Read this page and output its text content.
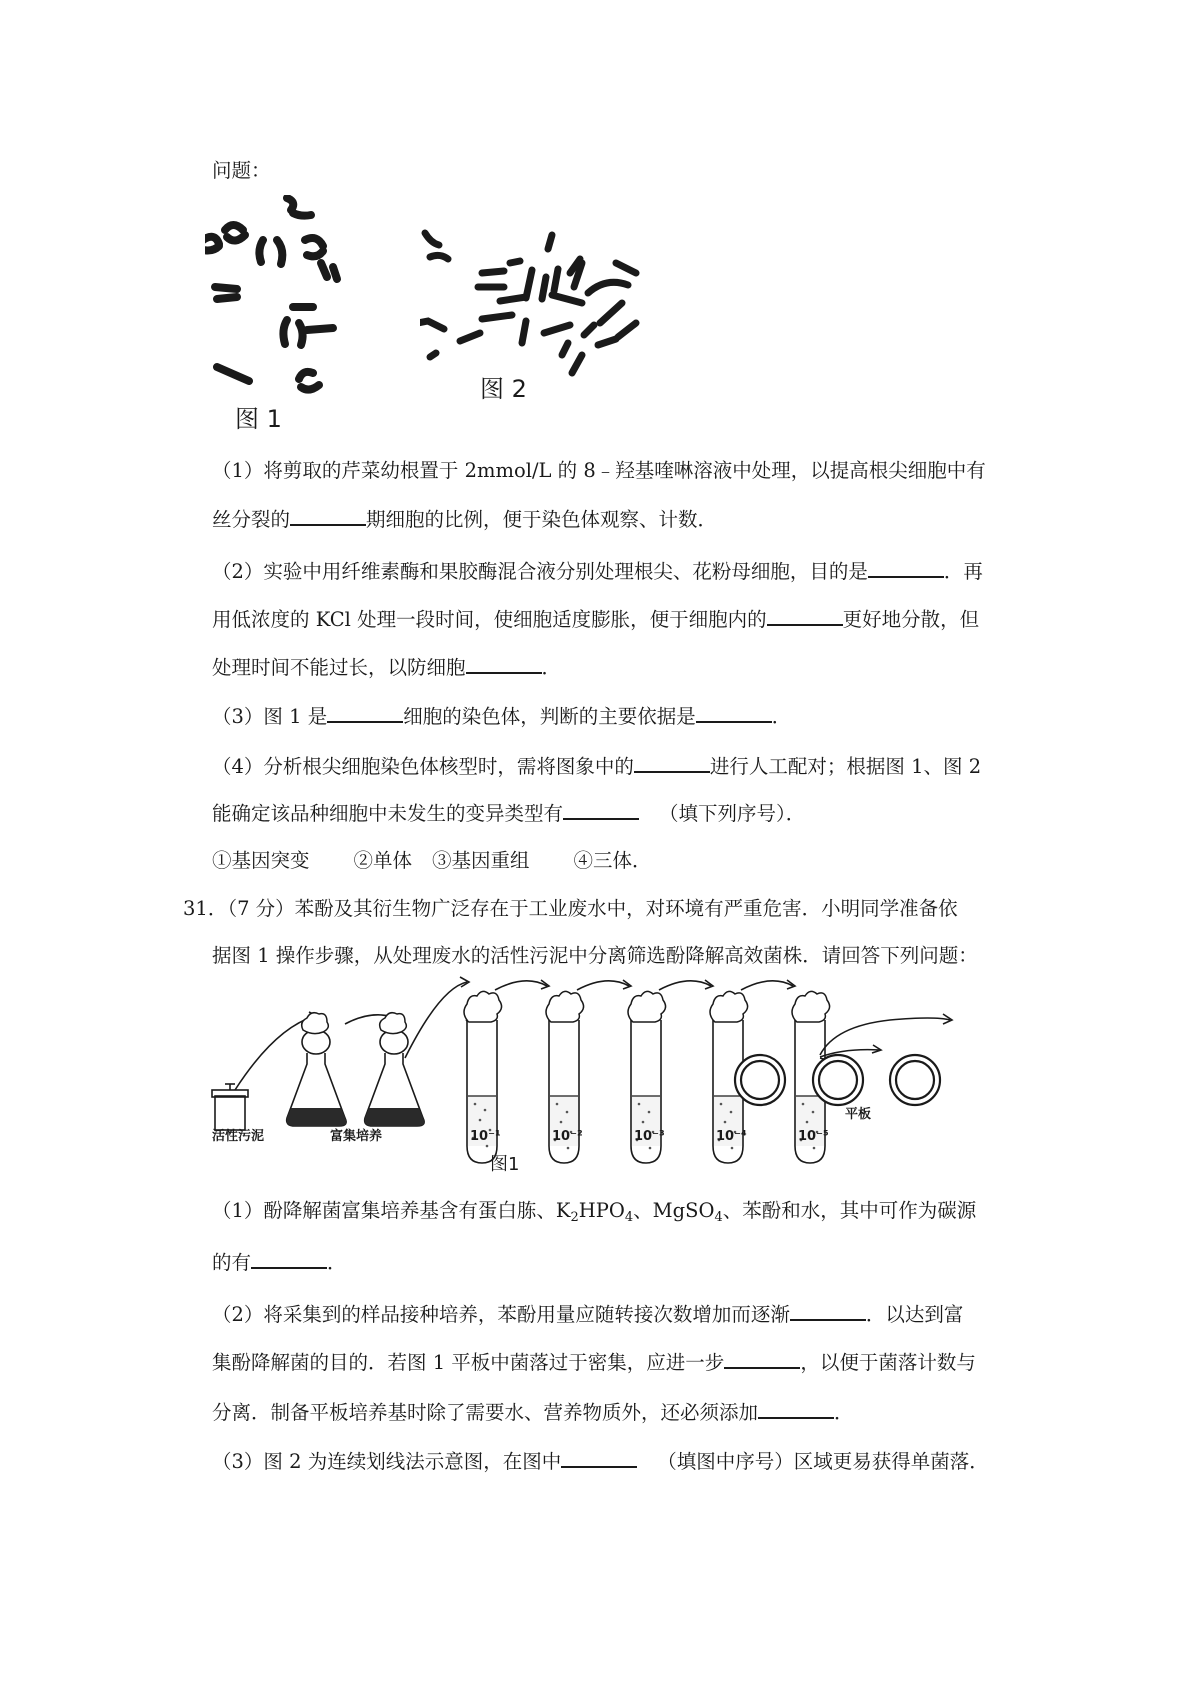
问题：
图 1
图 2
（1）将剪取的芹菜幼根置于 2mmol/L 的 8﹣羟基喹啉溶液中处理，以提高根尖细胞中有
丝分裂的	期细胞的比例，便于染色体观察、计数．
（2）实验中用纤维素酶和果胶酶混合液分别处理根尖、花粉母细胞，目的是	．再
用低浓度的 KCl 处理一段时间，使细胞适度膨胀，便于细胞内的	更好地分散，但
处理时间不能过长，以防细胞	．
（3）图 1 是	细胞的染色体，判断的主要依据是	．
（4）分析根尖细胞染色体核型时，需将图象中的	进行人工配对；根据图 1、图 2
能确定该品种细胞中未发生的变异类型有	（填下列序号）．
①基因突变 ②单体 ③基因重组 ④三体．
31．（7 分）苯酚及其衍生物广泛存在于工业废水中，对环境有严重危害．小明同学准备依
据图 1 操作步骤，从处理废水的活性污泥中分离筛选酚降解高效菌株．请回答下列问题：
活性污泥	富集培养
平板
10⁻¹	10⁻²	10⁻³	10⁻⁴	10⁻⁵
图1
（1）酚降解菌富集培养基含有蛋白胨、$K_2HPO_4$、MgSO$_4$、苯酚和水，其中可作为碳源
的有	．
（2）将采集到的样品接种培养，苯酚用量应随转接次数增加而逐渐	．以达到富
集酚降解菌的目的．若图 1 平板中菌落过于密集，应进一步	，以便于菌落计数与
分离．制备平板培养基时除了需要水、营养物质外，还必须添加	．
（3）图 2 为连续划线法示意图，在图中	（填图中序号）区域更易获得单菌落．
